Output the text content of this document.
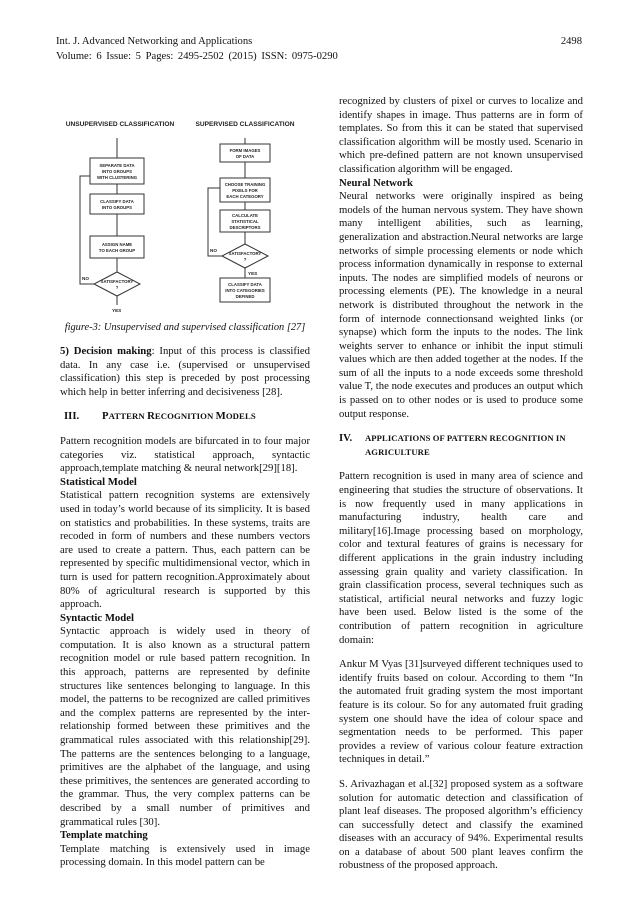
Int. J. Advanced Networking and Applications
Volume: 6 Issue: 5 Pages: 2495-2502 (2015) ISSN: 0975-0290
2498
UNSUPERVISED CLASSIFICATION	SUPERVISED CLASSIFICATION
SEPARATE DATA
INTO GROUPS
WITH CLUSTERING
CLASSIFY DATA
INTO GROUPS
ASSIGN NAME
TO EACH GROUP
SATISFACTORY
?
FORM IMAGES
OF DATA
CHOOSE TRAINING
PIXELS FOR
EACH CATEGORY
CALCULATE
STATISTICAL
DESCRIPTORS
SATISFACTORY
?
CLASSIFY DATA
INTO CATEGORIES
DEFINED
NO
YES
NO
YES
figure-3: Unsupervised and supervised classification [27]

5) Decision making: Input of this process is classified data. In any case i.e. (supervised or unsupervised classification) this step is preceded by post processing which help in better inferring and decisiveness [28].

III.	PATTERN RECOGNITION MODELS

Pattern recognition models are bifurcated in to four major categories viz. statistical approach, syntactic approach,template matching & neural network[29][18].

Statistical Model

Statistical pattern recognition systems are extensively used in today’s world because of its simplicity. It is based on statistics and probabilities. In these systems, traits are recoded in form of numbers and these numbers vectors are used to create a pattern. Thus, each pattern can be represented by specific multidimensional vector, which in turn is used for pattern recognition.Approximately about 80% of agricultural research is supported by this approach.

Syntactic Model

Syntactic approach is widely used in theory of computation. It is also known as a structural pattern recognition model or rule based pattern recognition. In this approach, patterns are represented by definite structures like sentences belonging to language. In this model, the patterns to be recognized are called primitives and the complex patterns are represented by the inter-relationship formed between these primitives and the grammatical rules associated with this relationship[29]. The patterns are the sentences belonging to a language, primitives are the alphabet of the language, and using these primitives, the sentences are generated according to the grammar. Thus, the very complex patterns can be described by a small number of primitives and grammatical rules [30].

Template matching

Template matching is extensively used in image processing domain. In this model pattern can be

recognized by clusters of pixel or curves to localize and identify shapes in image. Thus patterns are in form of templates. So from this it can be stated that supervised classification algorithm will be mostly used. Scenario in which pre-defined pattern are not known unsupervised classification algorithm will be engaged.

Neural Network

Neural networks were originally inspired as being models of the human nervous system. They have shown many intelligent abilities, such as learning, generalization and abstraction.Neural networks are large networks of simple processing elements or node which process information dynamically in response to external inputs. The nodes are simplified models of neurons or processing elements (PE). The knowledge in a neural network is distributed throughout the network in the form of internode connectionsand weighted links (or synapse) which form the inputs to the nodes. The link weights server to enhance or inhibit the input stimuli values which are then added together at the nodes. If the sum of all the inputs to a node exceeds some threshold value T, the node executes and produces an output which is passed on to other nodes or is used to produce some output response.

IV.	APPLICATIONS OF PATTERN RECOGNITION IN
AGRICULTURE

Pattern recognition is used in many area of science and engineering that studies the structure of observations. It is now frequently used in many applications in manufacturing industry, health care and military[16].Image processing based on morphology, color and textural features of grains is necessary for different applications in the grain industry including assessing grain quality and variety classification. In grain classification process, several techniques such as statistical, artificial neural networks and fuzzy logic have been used. Below listed is the some of the contribution of pattern recognition in agriculture domain:

Ankur M Vyas [31]surveyed different techniques used to identify fruits based on colour. According to them “In the automated fruit grading system the most important feature is its colour. So for any automated fruit grading system one should have the idea of colour space and segmentation needs to be performed. This paper provides a review of various colour feature extraction techniques in detail.”

S. Arivazhagan et al.[32] proposed system as a software solution for automatic detection and classification of plant leaf diseases. The proposed algorithm’s efficiency can successfully detect and classify the examined diseases with an accuracy of 94%. Experimental results on a database of about 500 plant leaves confirm the robustness of the proposed approach.
